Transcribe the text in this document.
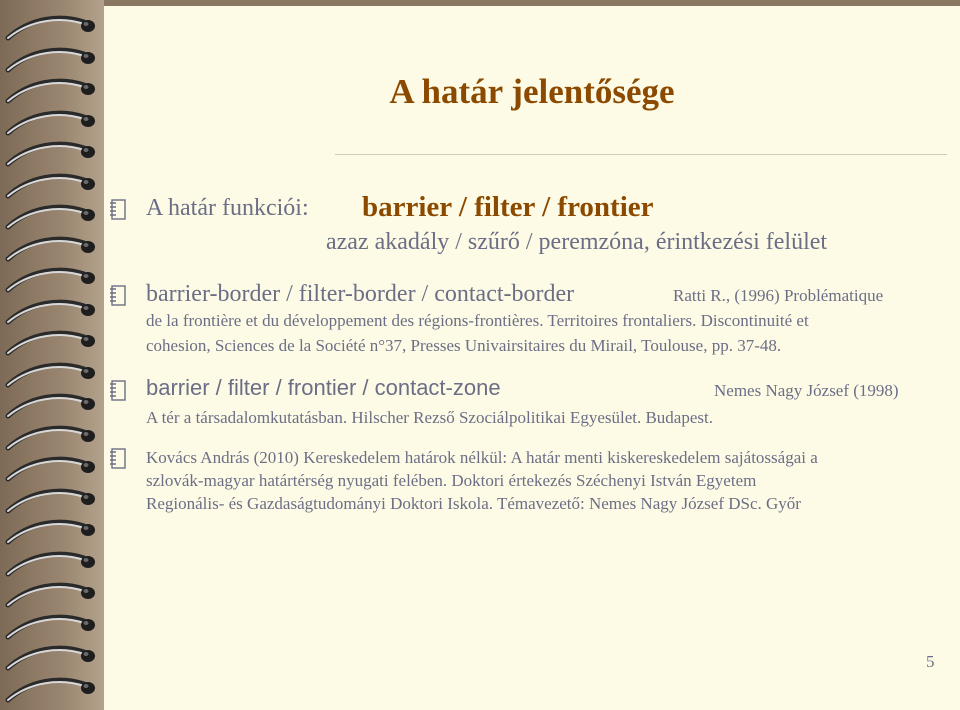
A határ jelentősége
A határ funkciói: barrier / filter / frontier
azaz akadály / szűrő / peremzóna, érintkezési felület
barrier-border / filter-border / contact-border	Ratti R., (1996) Problématique
de la frontière et du développement des régions-frontières. Territoires frontaliers. Discontinuité et
cohesion, Sciences de la Société n°37, Presses Univairsitaires du Mirail, Toulouse, pp. 37-48.
barrier / filter / frontier / contact-zone	Nemes Nagy József (1998)
A tér a társadalomkutatásban. Hilscher Rezső Szociálpolitikai Egyesület. Budapest.
Kovács András (2010) Kereskedelem határok nélkül: A határ menti kiskereskedelem sajátosságai a
szlovák-magyar határtérség nyugati felében. Doktori értekezés Széchenyi István Egyetem
Regionális- és Gazdaságtudományi Doktori Iskola. Témavezető: Nemes Nagy József DSc. Győr
5
